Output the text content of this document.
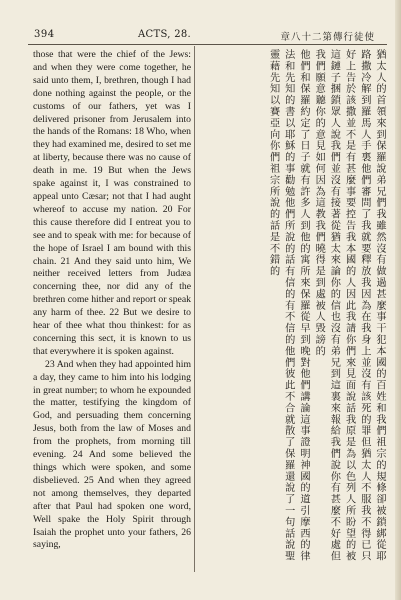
394	ACTS, 28.	章八十二第傳行徒使

those that were the chief of the Jews: and when they were come together, he said unto them, I, brethren, though I had done nothing against the people, or the customs of our fathers, yet was I delivered prisoner from Jerusalem into the hands of the Romans: 18 Who, when they had examined me, desired to set me at liberty, because there was no cause of death in me. 19 But when the Jews spake against it, I was constrained to appeal unto Cæsar; not that I had aught whereof to accuse my nation. 20 For this cause therefore did I entreat you to see and to speak with me: for because of the hope of Israel I am bound with this chain. 21 And they said unto him, We neither received letters from Judæa concerning thee, nor did any of the brethren come hither and report or speak any harm of thee. 22 But we desire to hear of thee what thou thinkest: for as concerning this sect, it is known to us that everywhere it is spoken against.

23 And when they had appointed him a day, they came to him into his lodging in great number; to whom he expounded the matter, testifying the kingdom of God, and persuading them concerning Jesus, both from the law of Moses and from the prophets, from morning till evening. 24 And some believed the things which were spoken, and some disbelieved. 25 And when they agreed not among themselves, they departed after that Paul had spoken one word, Well spake the Holy Spirit through Isaiah the prophet unto your fathers, 26 saying,	猶太人的首領來到保羅說弟兄們我雖然沒有做過甚麼事干犯本國的百姓和我們祖宗的規條卻被鎖綁從耶路撒冷解到羅馬人手裏他們審問了我就要釋放我因為在我身上並沒有該死的罪但猶太人不服我不得已只好上告於該撒並不是有甚麼事要控告我本國的人因此我請你們來見面說話我原是為以色列人所盼望的被這鏈子捆鎖眾人說我們並沒有接著從猶太來論你的信也沒有弟兄到這裏來報給我們說你有甚麼不好處但我們願意聽你的意見如何因為這教我們曉得是到處被人毀謗的

他們和保羅約定了日子就有許多人到他的寓所來保羅從早到晚對他們講論這事證明神國的道引摩西的律法和先知的書以耶穌的事勸勉他們所說的話有信的有不信的他們彼此不合就散了保羅還說了一句話說聖靈藉先知以賽亞向你們祖宗所說的話是不錯的
